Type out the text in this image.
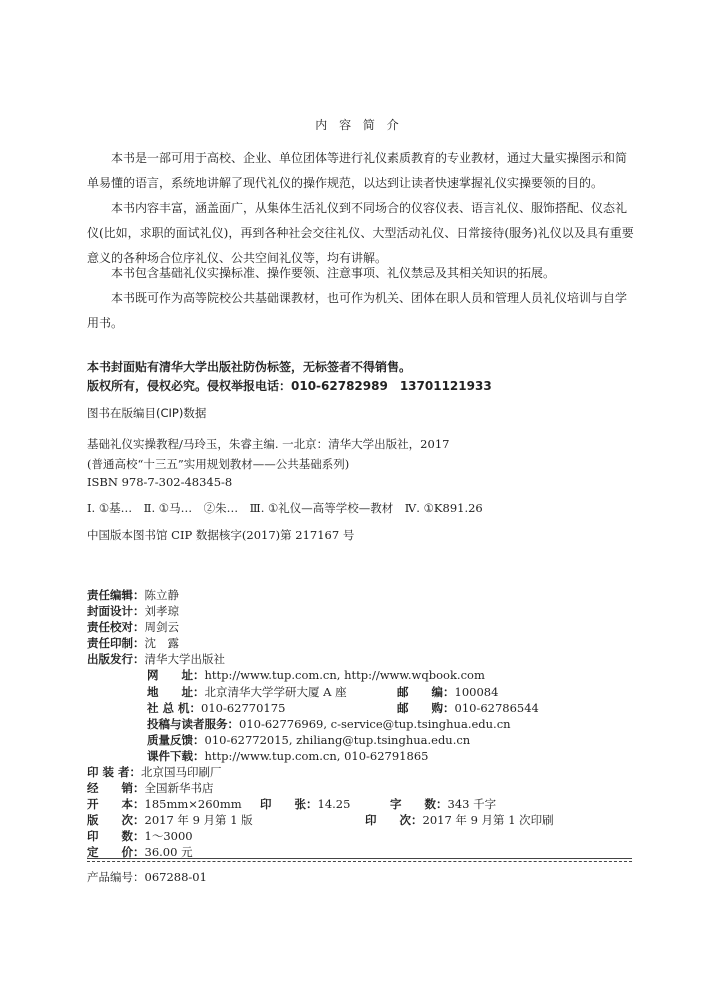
内 容 简 介
本书是一部可用于高校、企业、单位团体等进行礼仪素质教育的专业教材，通过大量实操图示和简单易懂的语言，系统地讲解了现代礼仪的操作规范，以达到让读者快速掌握礼仪实操要领的目的。
本书内容丰富，涵盖面广，从集体生活礼仪到不同场合的仪容仪表、语言礼仪、服饰搭配、仪态礼仪(比如，求职的面试礼仪)，再到各种社会交往礼仪、大型活动礼仪、日常接待(服务)礼仪以及具有重要意义的各种场合位序礼仪、公共空间礼仪等，均有讲解。
本书包含基础礼仪实操标准、操作要领、注意事项、礼仪禁忌及其相关知识的拓展。
本书既可作为高等院校公共基础课教材，也可作为机关、团体在职人员和管理人员礼仪培训与自学用书。
本书封面贴有清华大学出版社防伪标签，无标签者不得销售。
版权所有，侵权必究。侵权举报电话：010-62782989　13701121933
图书在版编目(CIP)数据
基础礼仪实操教程/马玲玉，朱睿主编. 一北京：清华大学出版社，2017
(普通高校“十三五”实用规划教材——公共基础系列)
ISBN 978-7-302-48345-8
Ⅰ. ①基…　Ⅱ. ①马…　②朱…　Ⅲ. ①礼仪—高等学校—教材　Ⅳ. ①K891.26
中国版本图书馆 CIP 数据核字(2017)第 217167 号
责任编辑：陈立静
封面设计：刘孝琼
责任校对：周剑云
责任印制：沈　露
出版发行：清华大学出版社
网　　址：http://www.tup.com.cn, http://www.wqbook.com
地　　址：北京清华大学学研大厦 A 座	邮　　编：100084
社 总 机：010-62770175	邮　　购：010-62786544
投稿与读者服务：010-62776969, c-service@tup.tsinghua.edu.cn
质量反馈：010-62772015, zhiliang@tup.tsinghua.edu.cn
课件下载：http://www.tup.com.cn, 010-62791865
印 装 者：北京国马印刷厂
经　　销：全国新华书店
开　　本：185mm×260mm 印　　张：14.25	字　　数：343 千字
版　　次：2017 年 9 月第 1 版	印　　次：2017 年 9 月第 1 次印刷
印　　数：1～3000
定　　价：36.00 元
产品编号：067288-01
